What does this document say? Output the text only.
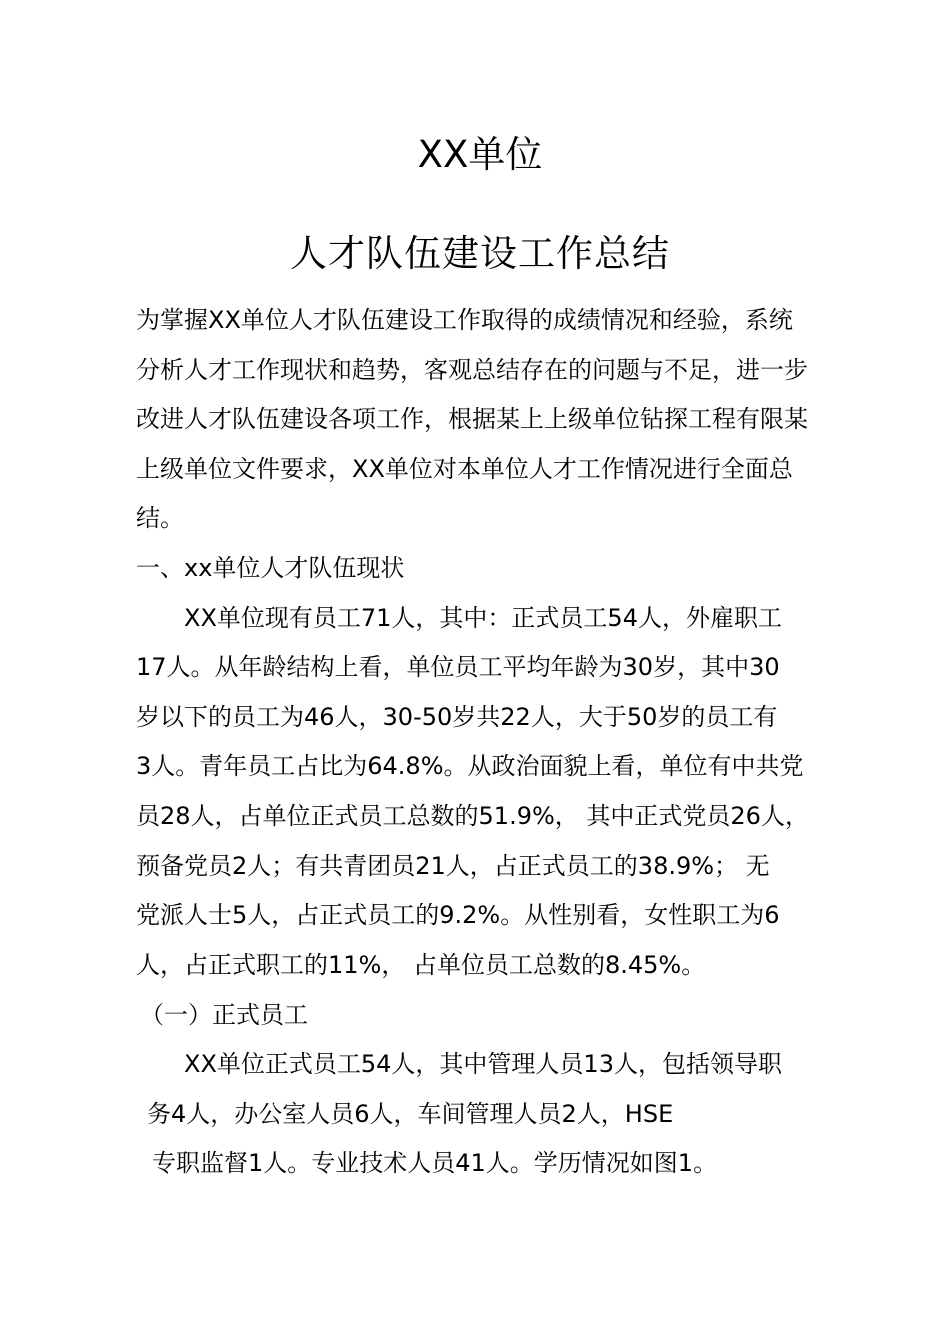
XX单位
人才队伍建设工作总结
为掌握XX单位人才队伍建设工作取得的成绩情况和经验，系统
分析人才工作现状和趋势，客观总结存在的问题与不足，进一步
改进人才队伍建设各项工作，根据某上上级单位钻探工程有限某
上级单位文件要求，XX单位对本单位人才工作情况进行全面总
结。
一、xx单位人才队伍现状
XX单位现有员工71人，其中：正式员工54人，外雇职工
17人。从年龄结构上看，单位员工平均年龄为30岁，其中30
岁以下的员工为46人，30-50岁共22人，大于50岁的员工有
3人。青年员工占比为64.8%。从政治面貌上看，单位有中共党
员28人，占单位正式员工总数的51.9%， 其中正式党员26人，
预备党员2人；有共青团员21人，占正式员工的38.9%； 无
党派人士5人，占正式员工的9.2%。从性别看，女性职工为6
人，占正式职工的11%， 占单位员工总数的8.45%。
（一）正式员工
XX单位正式员工54人，其中管理人员13人，包括领导职
务4人，办公室人员6人，车间管理人员2人，HSE
专职监督1人。专业技术人员41人。学历情况如图1。
